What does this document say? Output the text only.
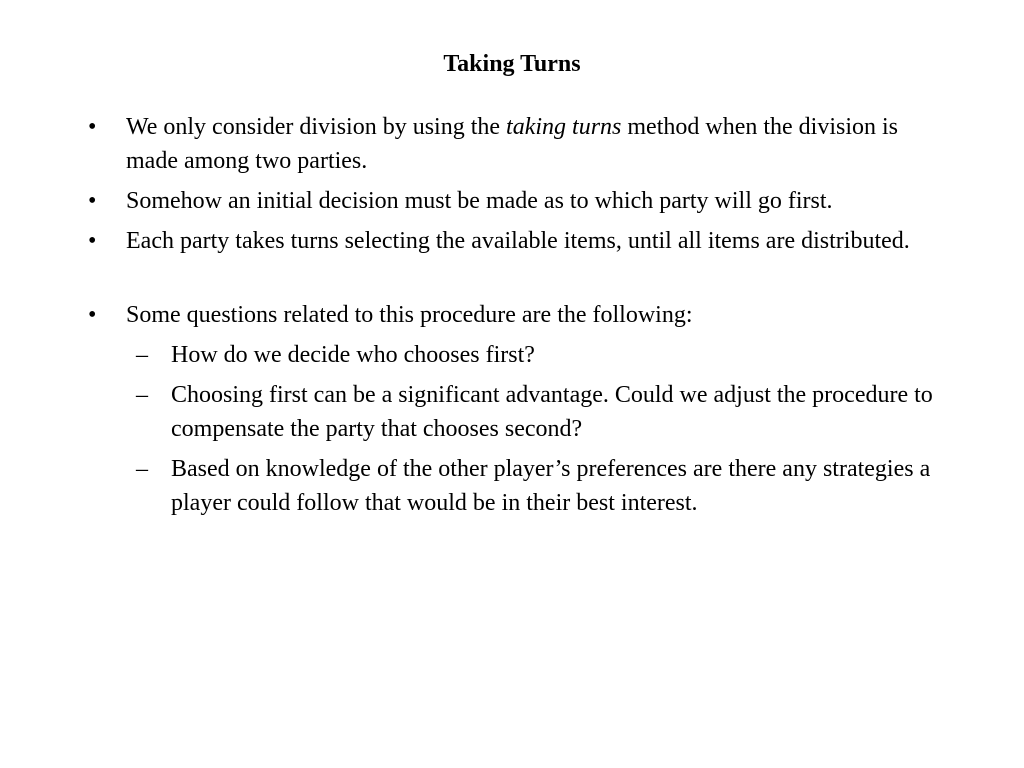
Taking Turns
• We only consider division by using the taking turns method when the division is made among two parties.
• Somehow an initial decision must be made as to which party will go first.
• Each party takes turns selecting the available items, until all items are distributed.
• Some questions related to this procedure are the following:
– How do we decide who chooses first?
– Choosing first can be a significant advantage. Could we adjust the procedure to compensate the party that chooses second?
– Based on knowledge of the other player’s preferences are there any strategies a player could follow that would be in their best interest.
